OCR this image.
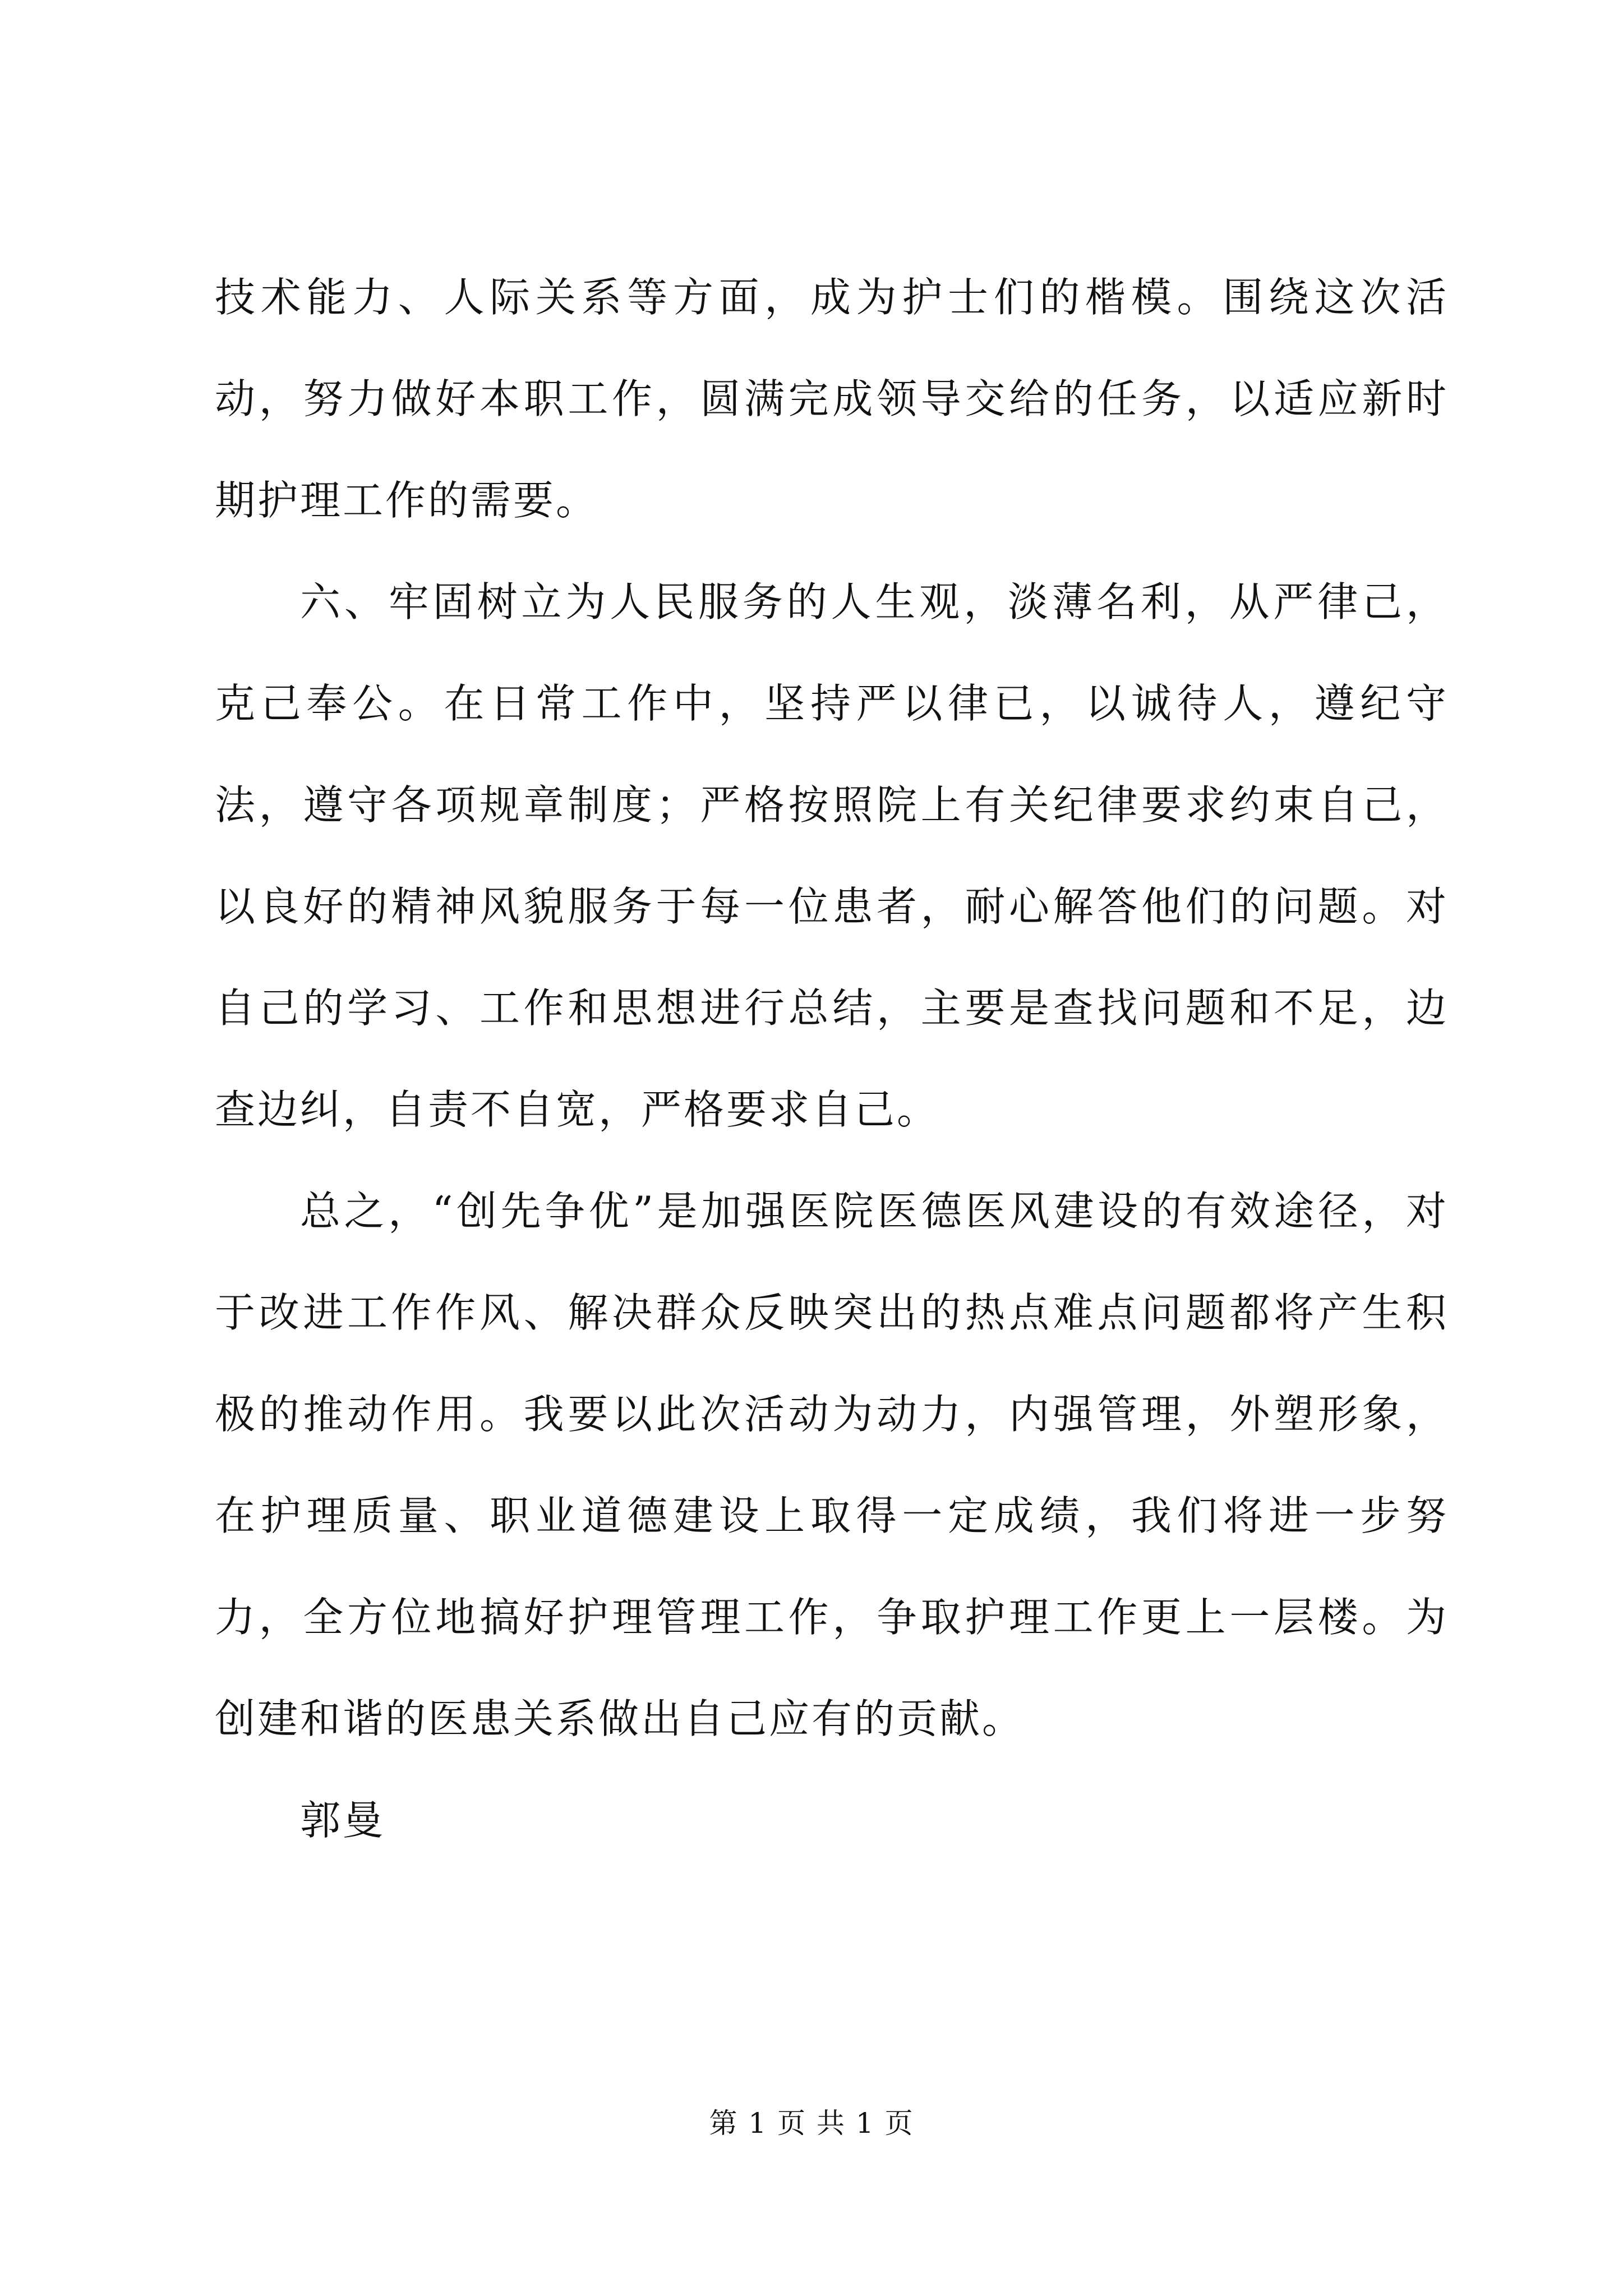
技术能力、人际关系等方面，成为护士们的楷模。围绕这次活动，努力做好本职工作，圆满完成领导交给的任务，以适应新时期护理工作的需要。

六、牢固树立为人民服务的人生观，淡薄名利，从严律己，克己奉公。在日常工作中，坚持严以律已，以诚待人，遵纪守法，遵守各项规章制度；严格按照院上有关纪律要求约束自己，以良好的精神风貌服务于每一位患者，耐心解答他们的问题。对自己的学习、工作和思想进行总结，主要是查找问题和不足，边查边纠，自责不自宽，严格要求自己。

总之，“创先争优”是加强医院医德医风建设的有效途径，对于改进工作作风、解决群众反映突出的热点难点问题都将产生积极的推动作用。我要以此次活动为动力，内强管理，外塑形象，在护理质量、职业道德建设上取得一定成绩，我们将进一步努力，全方位地搞好护理管理工作，争取护理工作更上一层楼。为创建和谐的医患关系做出自己应有的贡献。

郭曼

第 1 页 共 1 页
